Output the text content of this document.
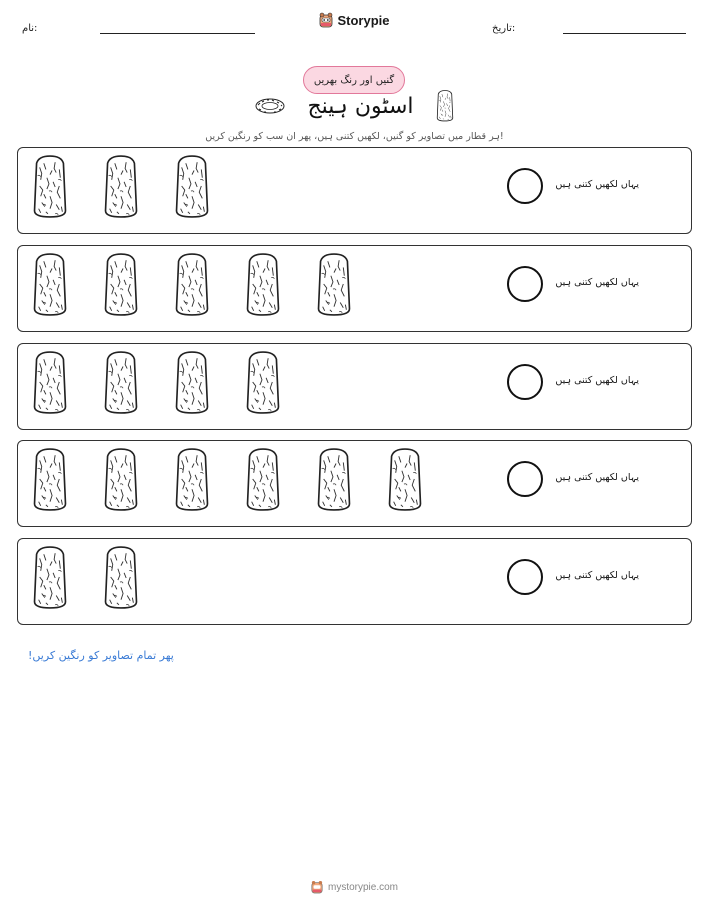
نام:
Storypie
تاریخ:
گنیں اور رنگ بھریں
اسٹون ہینج
ہر قطار میں تصاویر کو گنیں، لکھیں کتنی ہیں، پھر ان سب کو رنگین کریں!
یہاں لکھیں کتنی ہیں
یہاں لکھیں کتنی ہیں
یہاں لکھیں کتنی ہیں
یہاں لکھیں کتنی ہیں
یہاں لکھیں کتنی ہیں
پھر تمام تصاویر کو رنگین کریں!
mystorypie.com
